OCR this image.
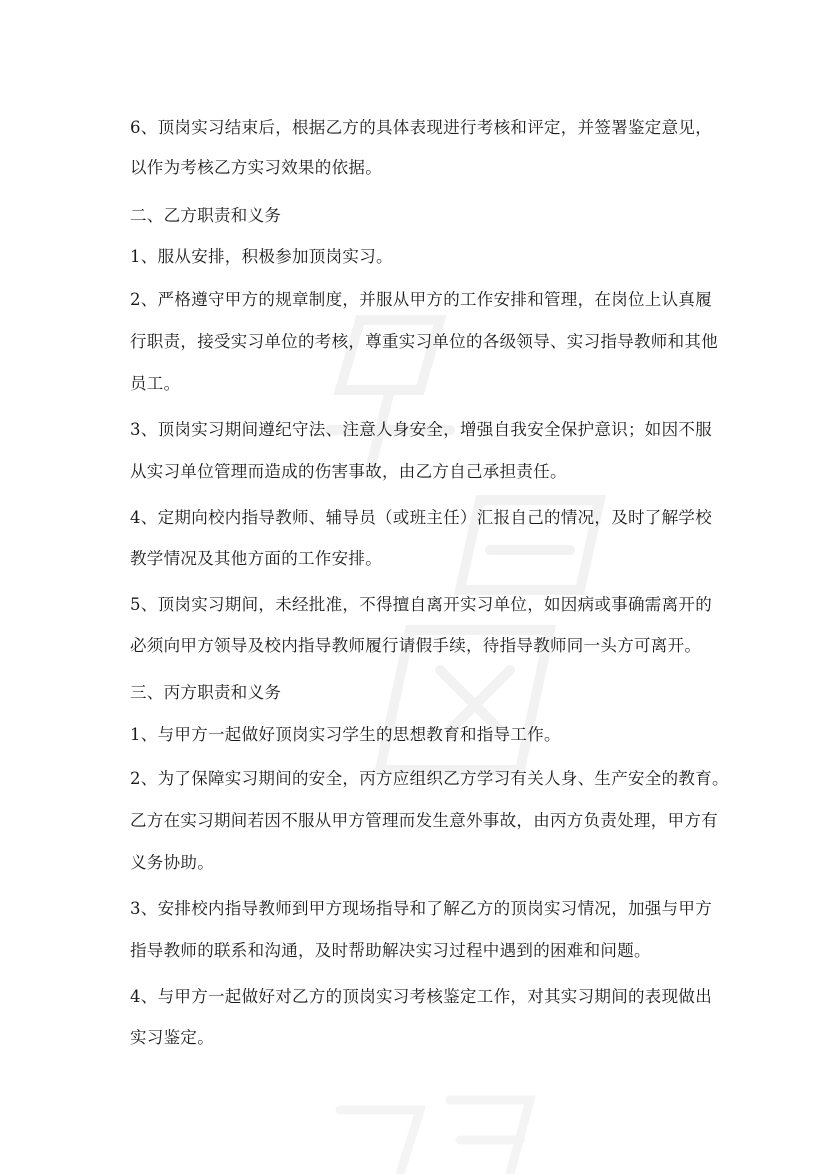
6、顶岗实习结束后，根据乙方的具体表现进行考核和评定，并签署鉴定意见，

以作为考核乙方实习效果的依据。

二、乙方职责和义务

1、服从安排，积极参加顶岗实习。

2、严格遵守甲方的规章制度，并服从甲方的工作安排和管理，在岗位上认真履

行职责，接受实习单位的考核，尊重实习单位的各级领导、实习指导教师和其他

员工。

3、顶岗实习期间遵纪守法、注意人身安全，增强自我安全保护意识；如因不服

从实习单位管理而造成的伤害事故，由乙方自己承担责任。

4、定期向校内指导教师、辅导员（或班主任）汇报自己的情况，及时了解学校

教学情况及其他方面的工作安排。

5、顶岗实习期间，未经批准，不得擅自离开实习单位，如因病或事确需离开的

必须向甲方领导及校内指导教师履行请假手续，待指导教师同一头方可离开。

三、丙方职责和义务

1、与甲方一起做好顶岗实习学生的思想教育和指导工作。

2、为了保障实习期间的安全，丙方应组织乙方学习有关人身、生产安全的教育。

乙方在实习期间若因不服从甲方管理而发生意外事故，由丙方负责处理，甲方有

义务协助。

3、安排校内指导教师到甲方现场指导和了解乙方的顶岗实习情况，加强与甲方

指导教师的联系和沟通，及时帮助解决实习过程中遇到的困难和问题。

4、与甲方一起做好对乙方的顶岗实习考核鉴定工作，对其实习期间的表现做出

实习鉴定。
